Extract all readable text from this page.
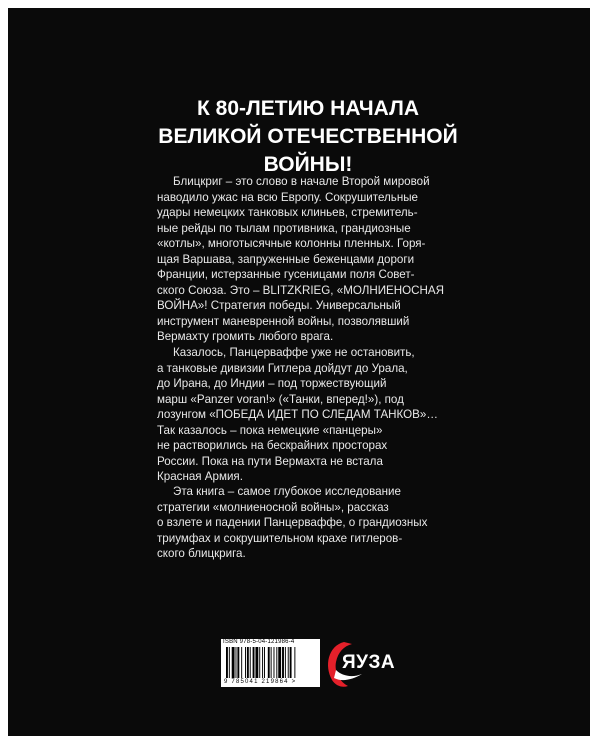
К 80-ЛЕТИЮ НАЧАЛА
ВЕЛИКОЙ ОТЕЧЕСТВЕННОЙ
ВОЙНЫ!
Блицкриг – это слово в начале Второй мировой
наводило ужас на всю Европу. Сокрушительные
удары немецких танковых клиньев, стремитель-
ные рейды по тылам противника, грандиозные
«котлы», многотысячные колонны пленных. Горя-
щая Варшава, запруженные беженцами дороги
Франции, истерзанные гусеницами поля Совет-
ского Союза. Это – BLITZKRIEG, «МОЛНИЕНОСНАЯ
ВОЙНА»! Стратегия победы. Универсальный
инструмент маневренной войны, позволявший
Вермахту громить любого врага.
Казалось, Панцерваффе уже не остановить,
а танковые дивизии Гитлера дойдут до Урала,
до Ирана, до Индии – под торжествующий
марш «Panzer voran!» («Танки, вперед!»), под
лозунгом «ПОБЕДА ИДЕТ ПО СЛЕДАМ ТАНКОВ»…
Так казалось – пока немецкие «панцеры»
не растворились на бескрайних просторах
России. Пока на пути Вермахта не встала
Красная Армия.
Эта книга – самое глубокое исследование
стратегии «молниеносной войны», рассказ
о взлете и падении Панцерваффе, о грандиозных
триумфах и сокрушительном крахе гитлеров-
ского блицкрига.
ISBN 978-5-04-121986-4
9 785041 219864 >
ЯУЗА
